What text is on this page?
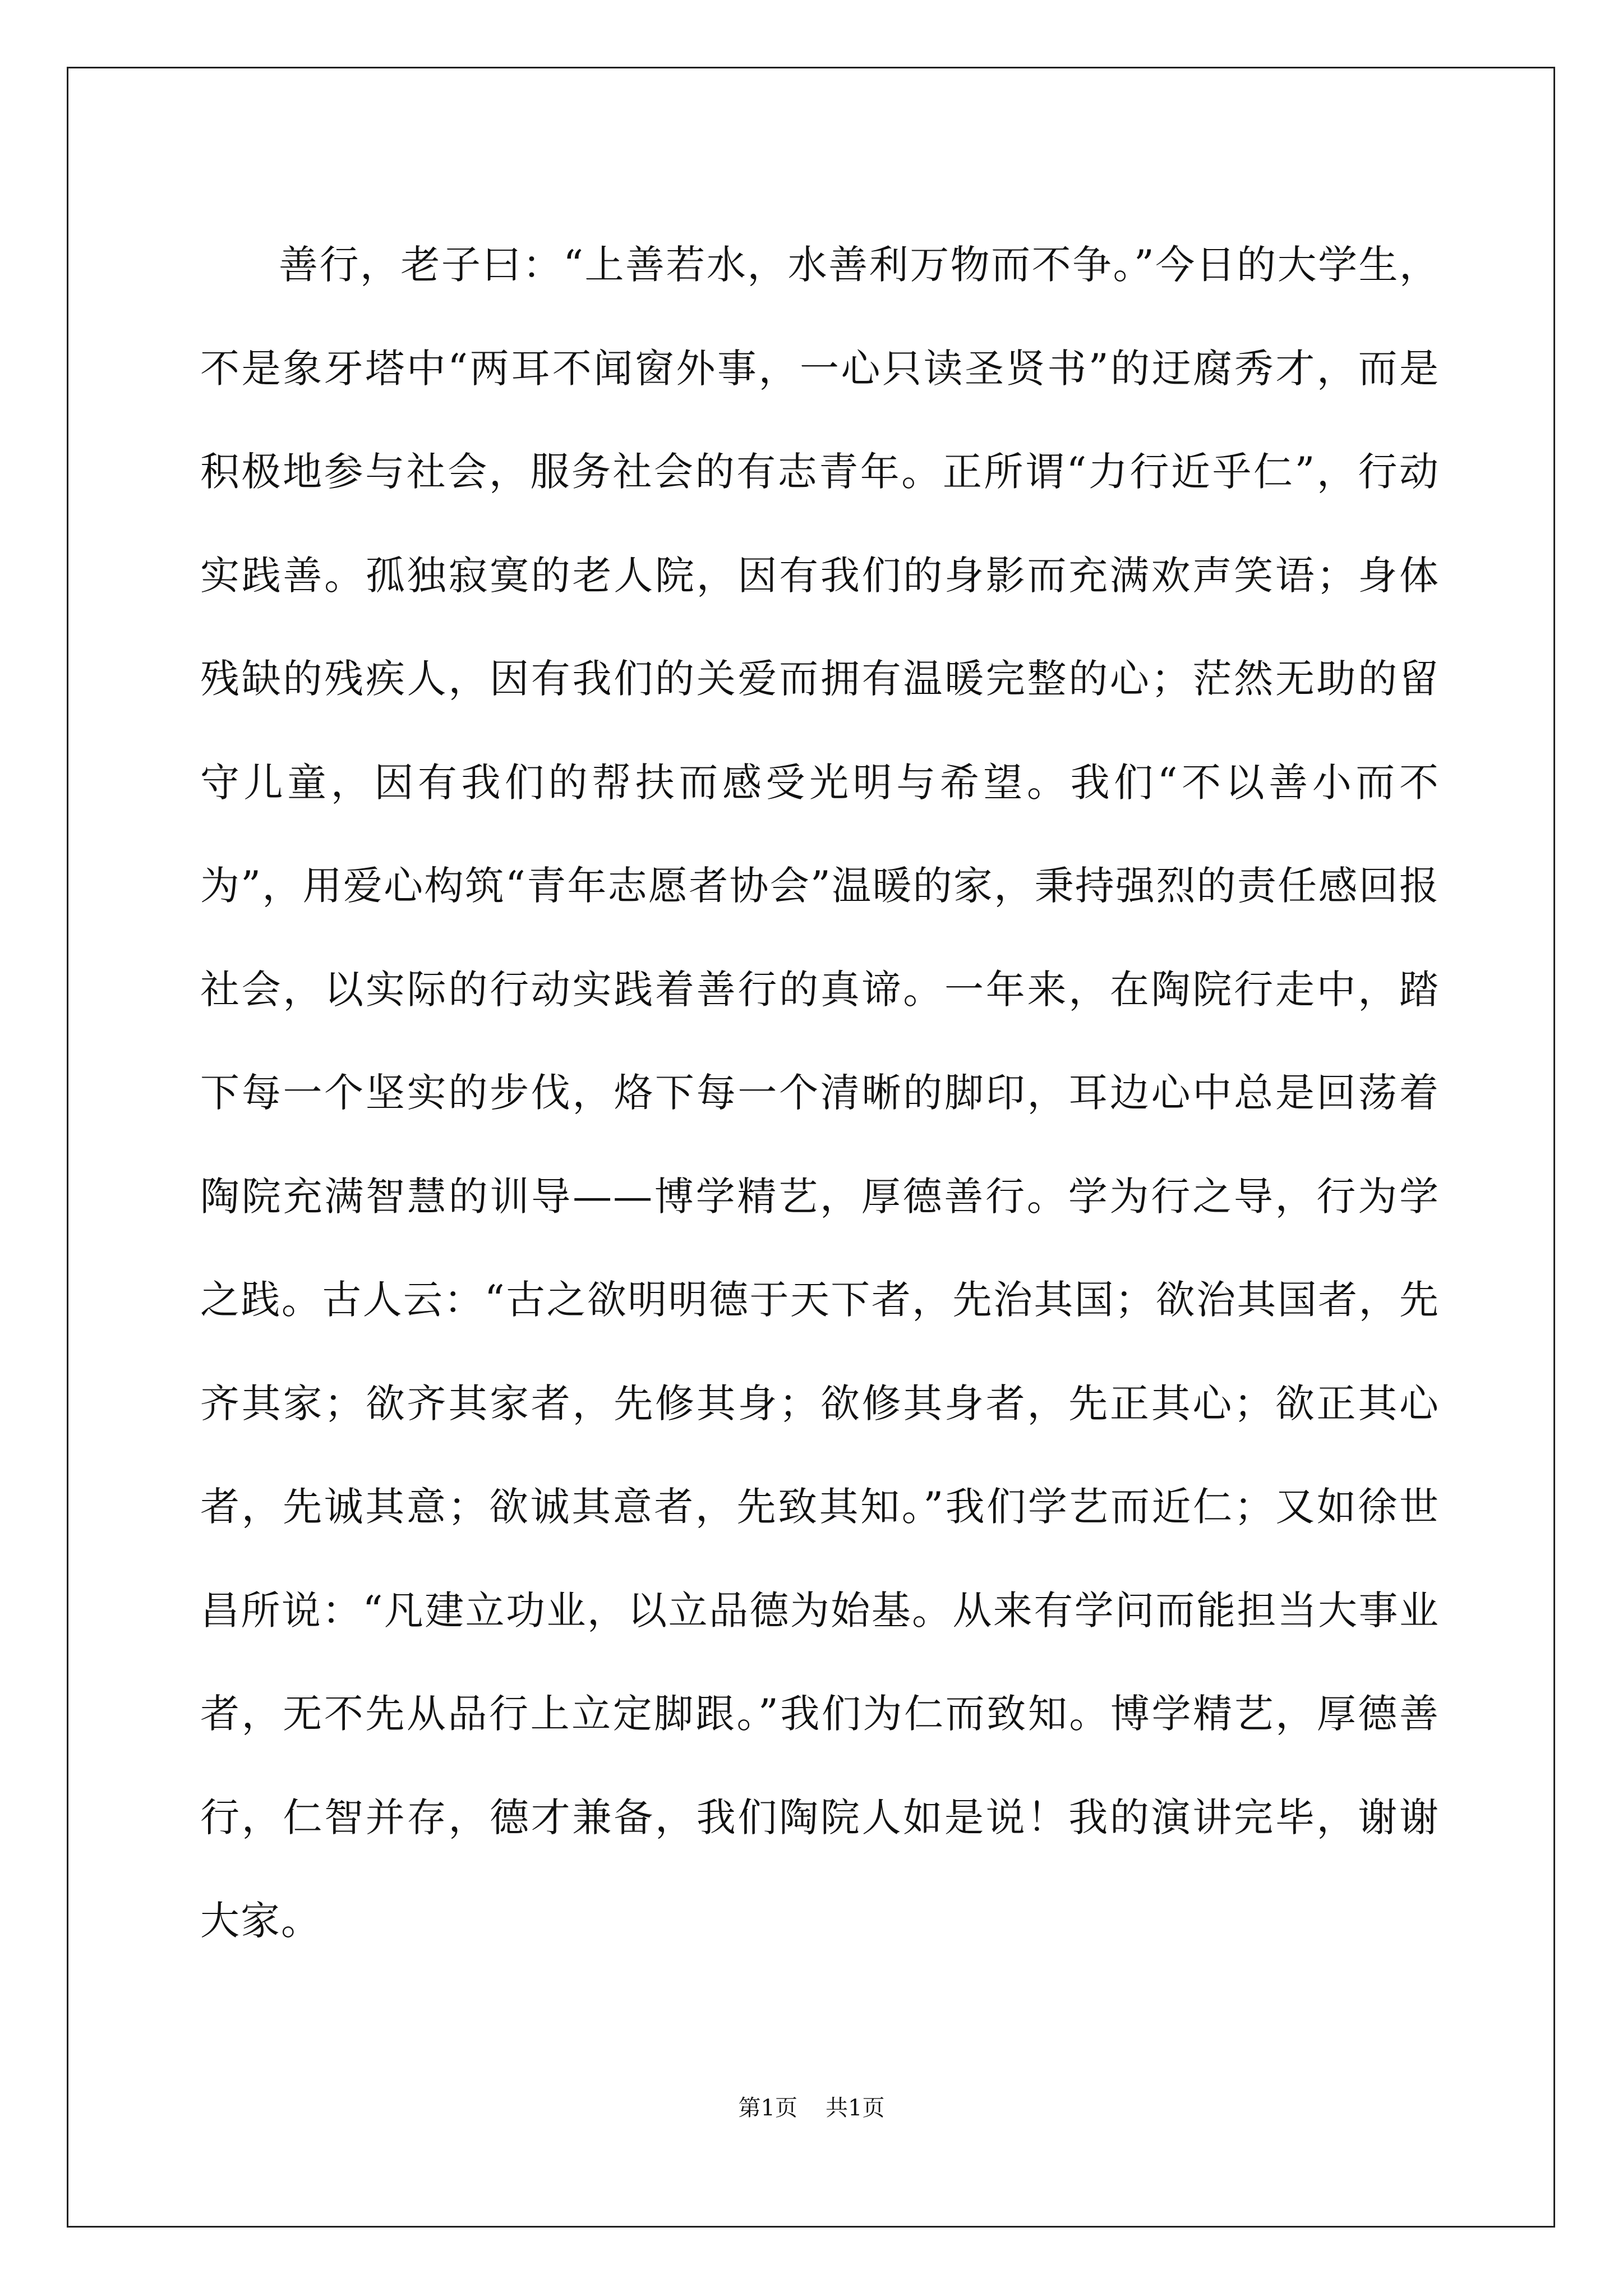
善行，老子曰：“上善若水，水善利万物而不争。”今日的大学生，不是象牙塔中“两耳不闻窗外事，一心只读圣贤书”的迂腐秀才，而是积极地参与社会，服务社会的有志青年。正所谓“力行近乎仁”，行动实践善。孤独寂寞的老人院，因有我们的身影而充满欢声笑语；身体残缺的残疾人，因有我们的关爱而拥有温暖完整的心；茫然无助的留守儿童，因有我们的帮扶而感受光明与希望。我们“不以善小而不为”，用爱心构筑“青年志愿者协会”温暖的家，秉持强烈的责任感回报社会，以实际的行动实践着善行的真谛。一年来，在陶院行走中，踏下每一个坚实的步伐，烙下每一个清晰的脚印，耳边心中总是回荡着陶院充满智慧的训导——博学精艺，厚德善行。学为行之导，行为学之践。古人云：“古之欲明明德于天下者，先治其国；欲治其国者，先齐其家；欲齐其家者，先修其身；欲修其身者，先正其心；欲正其心者，先诚其意；欲诚其意者，先致其知。”我们学艺而近仁；又如徐世昌所说：“凡建立功业，以立品德为始基。从来有学问而能担当大事业者，无不先从品行上立定脚跟。”我们为仁而致知。博学精艺，厚德善行，仁智并存，德才兼备，我们陶院人如是说！我的演讲完毕，谢谢大家。

第1页 共1页
